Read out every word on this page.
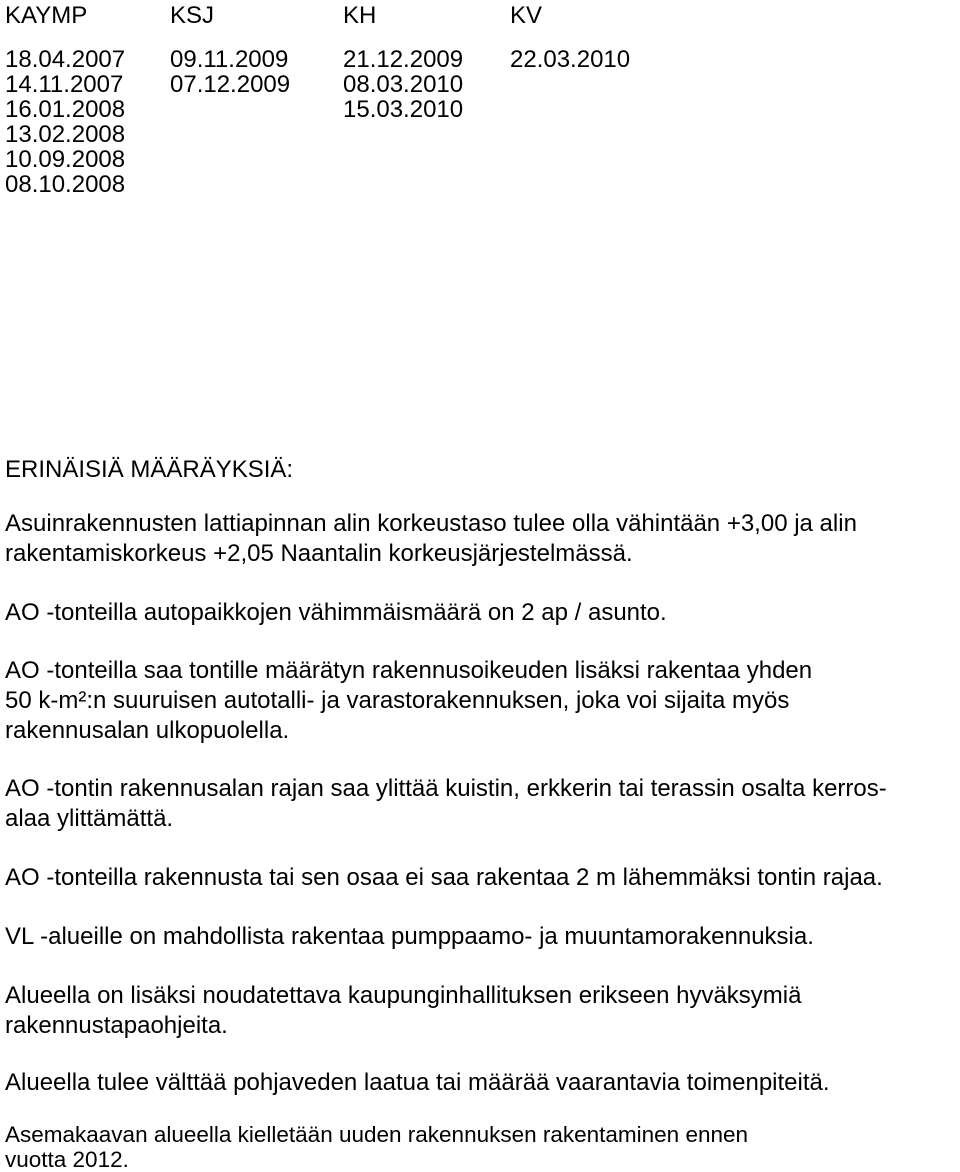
KAYMP
18.04.2007
14.11.2007
16.01.2008
13.02.2008
10.09.2008
08.10.2008
KSJ
09.11.2009
07.12.2009
KH
21.12.2009
08.03.2010
15.03.2010
KV
22.03.2010
ERINÄISIÄ MÄÄRÄYKSIÄ:
Asuinrakennusten lattiapinnan alin korkeustaso tulee olla vähintään +3,00 ja alin
rakentamiskorkeus +2,05 Naantalin korkeusjärjestelmässä.
AO -tonteilla autopaikkojen vähimmäismäärä on 2 ap / asunto.
AO -tonteilla saa tontille määrätyn rakennusoikeuden lisäksi rakentaa yhden
50 k-m²:n suuruisen autotalli- ja varastorakennuksen, joka voi sijaita myös
rakennusalan ulkopuolella.
AO -tontin rakennusalan rajan saa ylittää kuistin, erkkerin tai terassin osalta kerros-
alaa ylittämättä.
AO -tonteilla rakennusta tai sen osaa ei saa rakentaa 2 m lähemmäksi tontin rajaa.
VL -alueille on mahdollista rakentaa pumppaamo- ja muuntamorakennuksia.
Alueella on lisäksi noudatettava kaupunginhallituksen erikseen hyväksymiä
rakennustapaohjeita.
Alueella tulee välttää pohjaveden laatua tai määrää vaarantavia toimenpiteitä.
Asemakaavan alueella kielletään uuden rakennuksen rakentaminen ennen
vuotta 2012.
